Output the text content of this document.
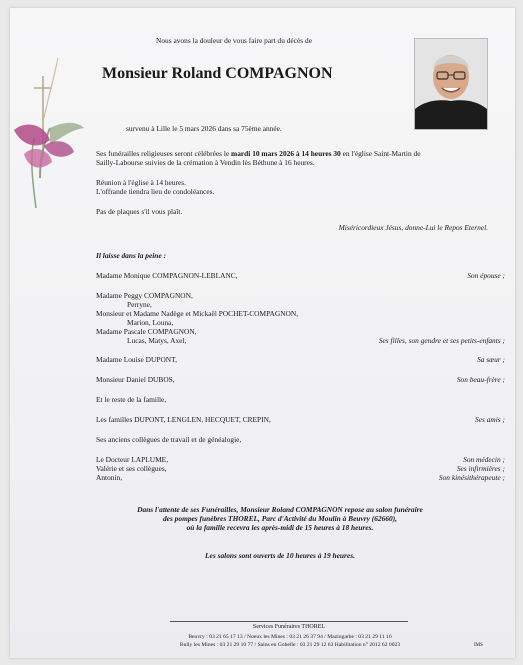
Nous avons la douleur de vous faire part du décès de
Monsieur Roland COMPAGNON
survenu à Lille le 5 mars 2026 dans sa 75ème année.
Ses funérailles religieuses seront célébrées le mardi 10 mars 2026 à 14 heures 30 en l'église Saint-Martin de
Sailly-Labourse suivies de la crémation à Vendin lès Béthune à 16 heures.
Réunion à l'église à 14 heures.
L'offrande tiendra lieu de condoléances.
Pas de plaques s'il vous plaît.
Miséricordieux Jésus, donne-Lui le Repos Eternel.
Il laisse dans la peine :
Madame Monique COMPAGNON-LEBLANC,	Son épouse ;
Madame Peggy COMPAGNON,
Perryne,
Monsieur et Madame Nadège et Mickaël POCHET-COMPAGNON,
Marion, Louna,
Madame Pascale COMPAGNON,
Lucas, Matys, Axel,	Ses filles, son gendre et ses petits-enfants ;
Madame Louise DUPONT,	Sa sœur ;
Monsieur Daniel DUBOS,	Son beau-frère ;
Et le reste de la famille,
Les familles DUPONT, LENGLEN, HECQUET, CREPIN,	Ses amis ;
Ses anciens collègues de travail et de généalogie,
Le Docteur LAPLUME,	Son médecin ;
Valérie et ses collègues,	Ses infirmières ;
Antonin,	Son kinésithérapeute ;
Dans l'attente de ses Funérailles, Monsieur Roland COMPAGNON repose au salon funéraire
des pompes funèbres THOREL, Parc d'Activité du Moulin à Beuvry (62660),
où la famille recevra les après-midi de 15 heures à 18 heures.
Les salons sont ouverts de 10 heures à 19 heures.
Services Funéraires THOREL
Beuvry : 03 21 65 17 13 / Noeux les Mines : 03 21 26 37 94 / Mazingarbe : 03 21 29 11 16
Bully les Mines : 03 21 29 10 77 / Sains en Gohelle : 03 21 29 12 63 Habilitation n° 2012 62 0023	IMS
